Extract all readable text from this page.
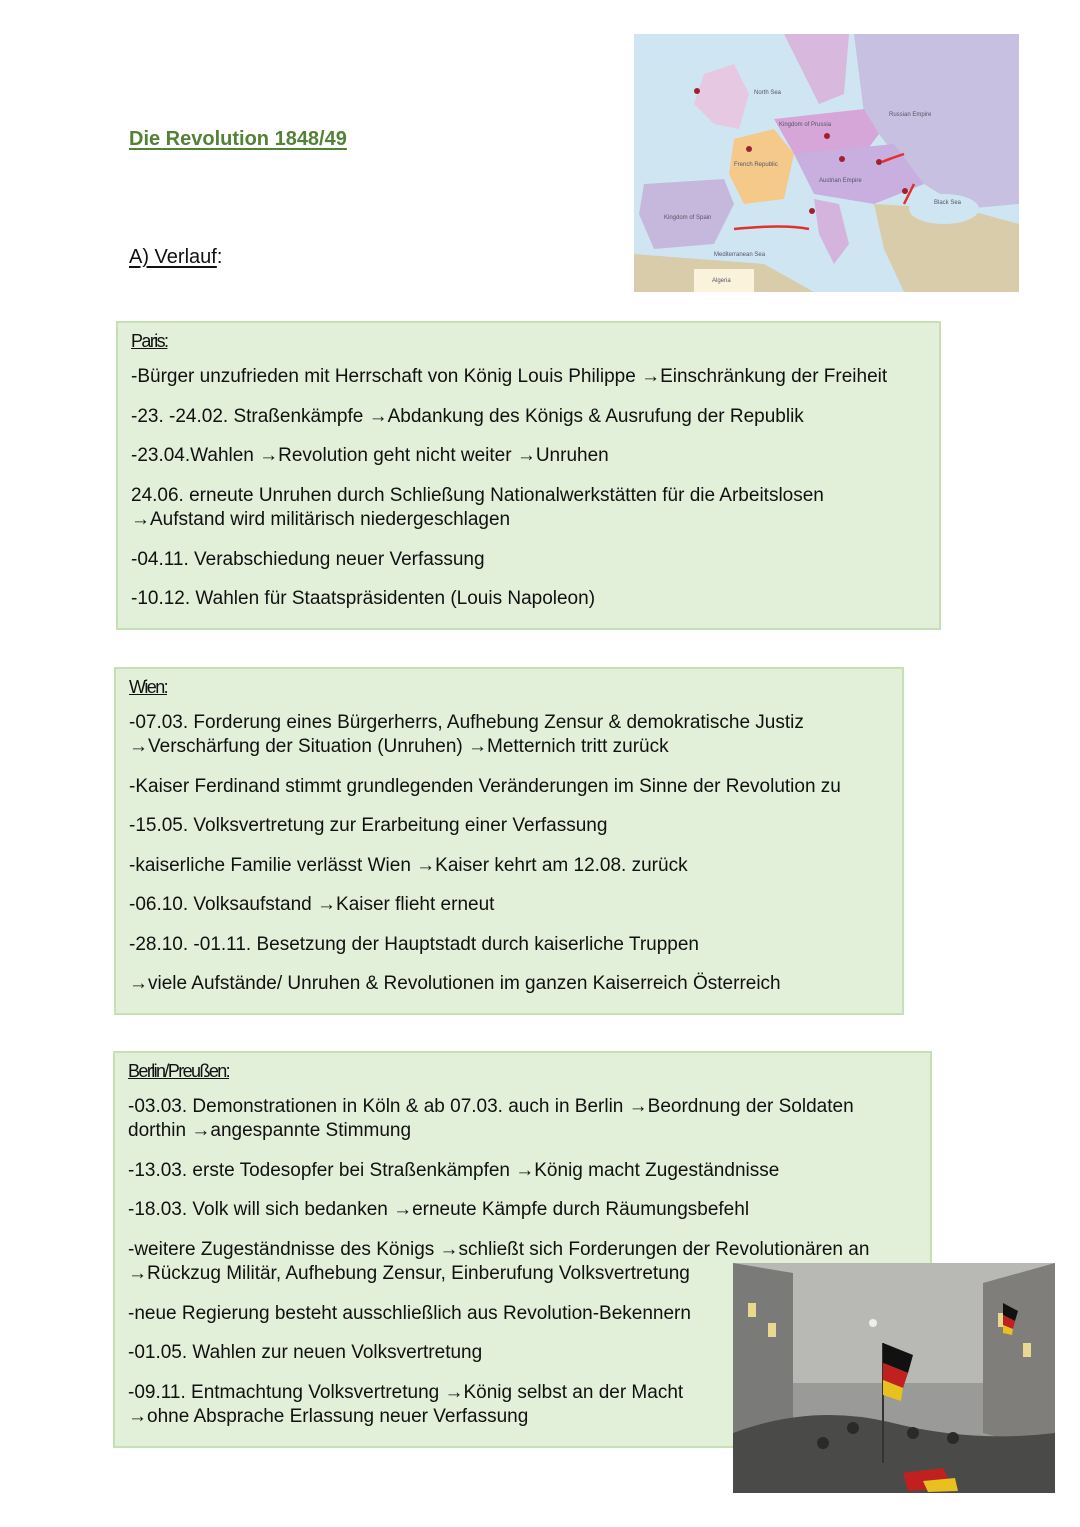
Die Revolution 1848/49
A) Verlauf:
Russian Empire
French Republic
Kingdom of Spain
Kingdom of Prussia
Austrian Empire
Black Sea
Mediterranean Sea
North Sea
Algeria
Paris:

-Bürger unzufrieden mit Herrschaft von König Louis Philippe →Einschränkung der Freiheit

-23. -24.02. Straßenkämpfe →Abdankung des Königs & Ausrufung der Republik

-23.04.Wahlen →Revolution geht nicht weiter →Unruhen

24.06. erneute Unruhen durch Schließung Nationalwerkstätten für die Arbeitslosen
→Aufstand wird militärisch niedergeschlagen

-04.11. Verabschiedung neuer Verfassung

-10.12. Wahlen für Staatspräsidenten (Louis Napoleon)

Wien:

-07.03. Forderung eines Bürgerherrs, Aufhebung Zensur & demokratische Justiz
→Verschärfung der Situation (Unruhen) →Metternich tritt zurück

-Kaiser Ferdinand stimmt grundlegenden Veränderungen im Sinne der Revolution zu

-15.05. Volksvertretung zur Erarbeitung einer Verfassung

-kaiserliche Familie verlässt Wien →Kaiser kehrt am 12.08. zurück

-06.10. Volksaufstand →Kaiser flieht erneut

-28.10. -01.11. Besetzung der Hauptstadt durch kaiserliche Truppen

→viele Aufstände/ Unruhen & Revolutionen im ganzen Kaiserreich Österreich

Berlin/Preußen:

-03.03. Demonstrationen in Köln & ab 07.03. auch in Berlin →Beordnung der Soldaten
dorthin →angespannte Stimmung

-13.03. erste Todesopfer bei Straßenkämpfen →König macht Zugeständnisse

-18.03. Volk will sich bedanken →erneute Kämpfe durch Räumungsbefehl

-weitere Zugeständnisse des Königs →schließt sich Forderungen der Revolutionären an
→Rückzug Militär, Aufhebung Zensur, Einberufung Volksvertretung

-neue Regierung besteht ausschließlich aus Revolution-Bekennern

-01.05. Wahlen zur neuen Volksvertretung

-09.11. Entmachtung Volksvertretung →König selbst an der Macht
→ohne Absprache Erlassung neuer Verfassung
